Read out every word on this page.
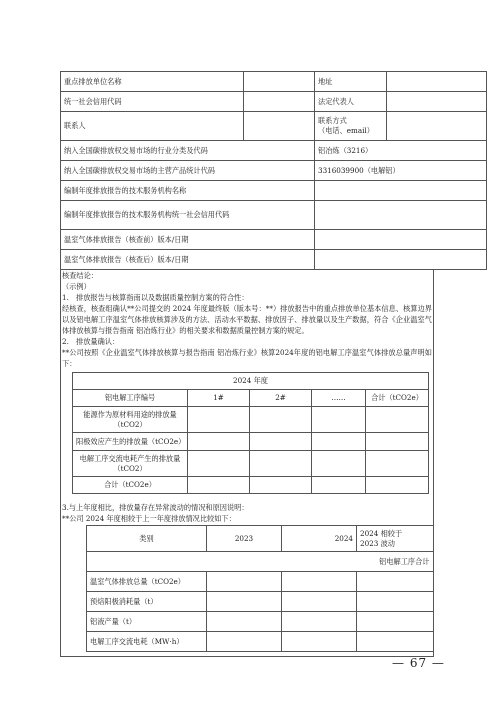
重点排放单位名称		地址	
统一社会信用代码		法定代表人	
联系人		联系方式
（电话、email）	
纳入全国碳排放权交易市场的行业分类及代码		铝冶炼（3216）	
纳入全国碳排放权交易市场的主营产品统计代码		3316039900（电解铝）	
编制年度排放报告的技术服务机构名称			
编制年度排放报告的技术服务机构统一社会信用代码			
温室气体排放报告（核查前）版本/日期			
温室气体排放报告（核查后）版本/日期			

核查结论：

（示例）

1.　排放报告与核算指南以及数据质量控制方案的符合性：

经核查，核查组确认**公司提交的 2024 年度最终版（版本号：**）排放报告中的重点排放单位基本信息、核算边界以及铝电解工序温室气体排放核算涉及的方法、活动水平数据、排放因子、排放量以及生产数据，符合《企业温室气体排放核算与报告指南 铝冶炼行业》的相关要求和数据质量控制方案的规定。

2.　排放量确认：

**公司按照《企业温室气体排放核算与报告指南 铝冶炼行业》核算2024年度的铝电解工序温室气体排放总量声明如下：

2024 年度				
铝电解工序编号	1#	2#	……	合计（tCO2e）
能源作为原材料用途的排放量（tCO2）				
阳极效应产生的排放量（tCO2e）				
电解工序交流电耗产生的排放量（tCO2）				
合计（tCO2e）				

3.与上年度相比，排放量存在异常波动的情况和原因说明：

**公司 2024 年度相较于上一年度排放情况比较如下：

类别	2023	2024	2024 相较于
2023 波动
铝电解工序合计			
温室气体排放总量（tCO2e）			
预焙阳极消耗量（t）			
铝液产量（t）			
电解工序交流电耗（MW·h）			
— 67 —
